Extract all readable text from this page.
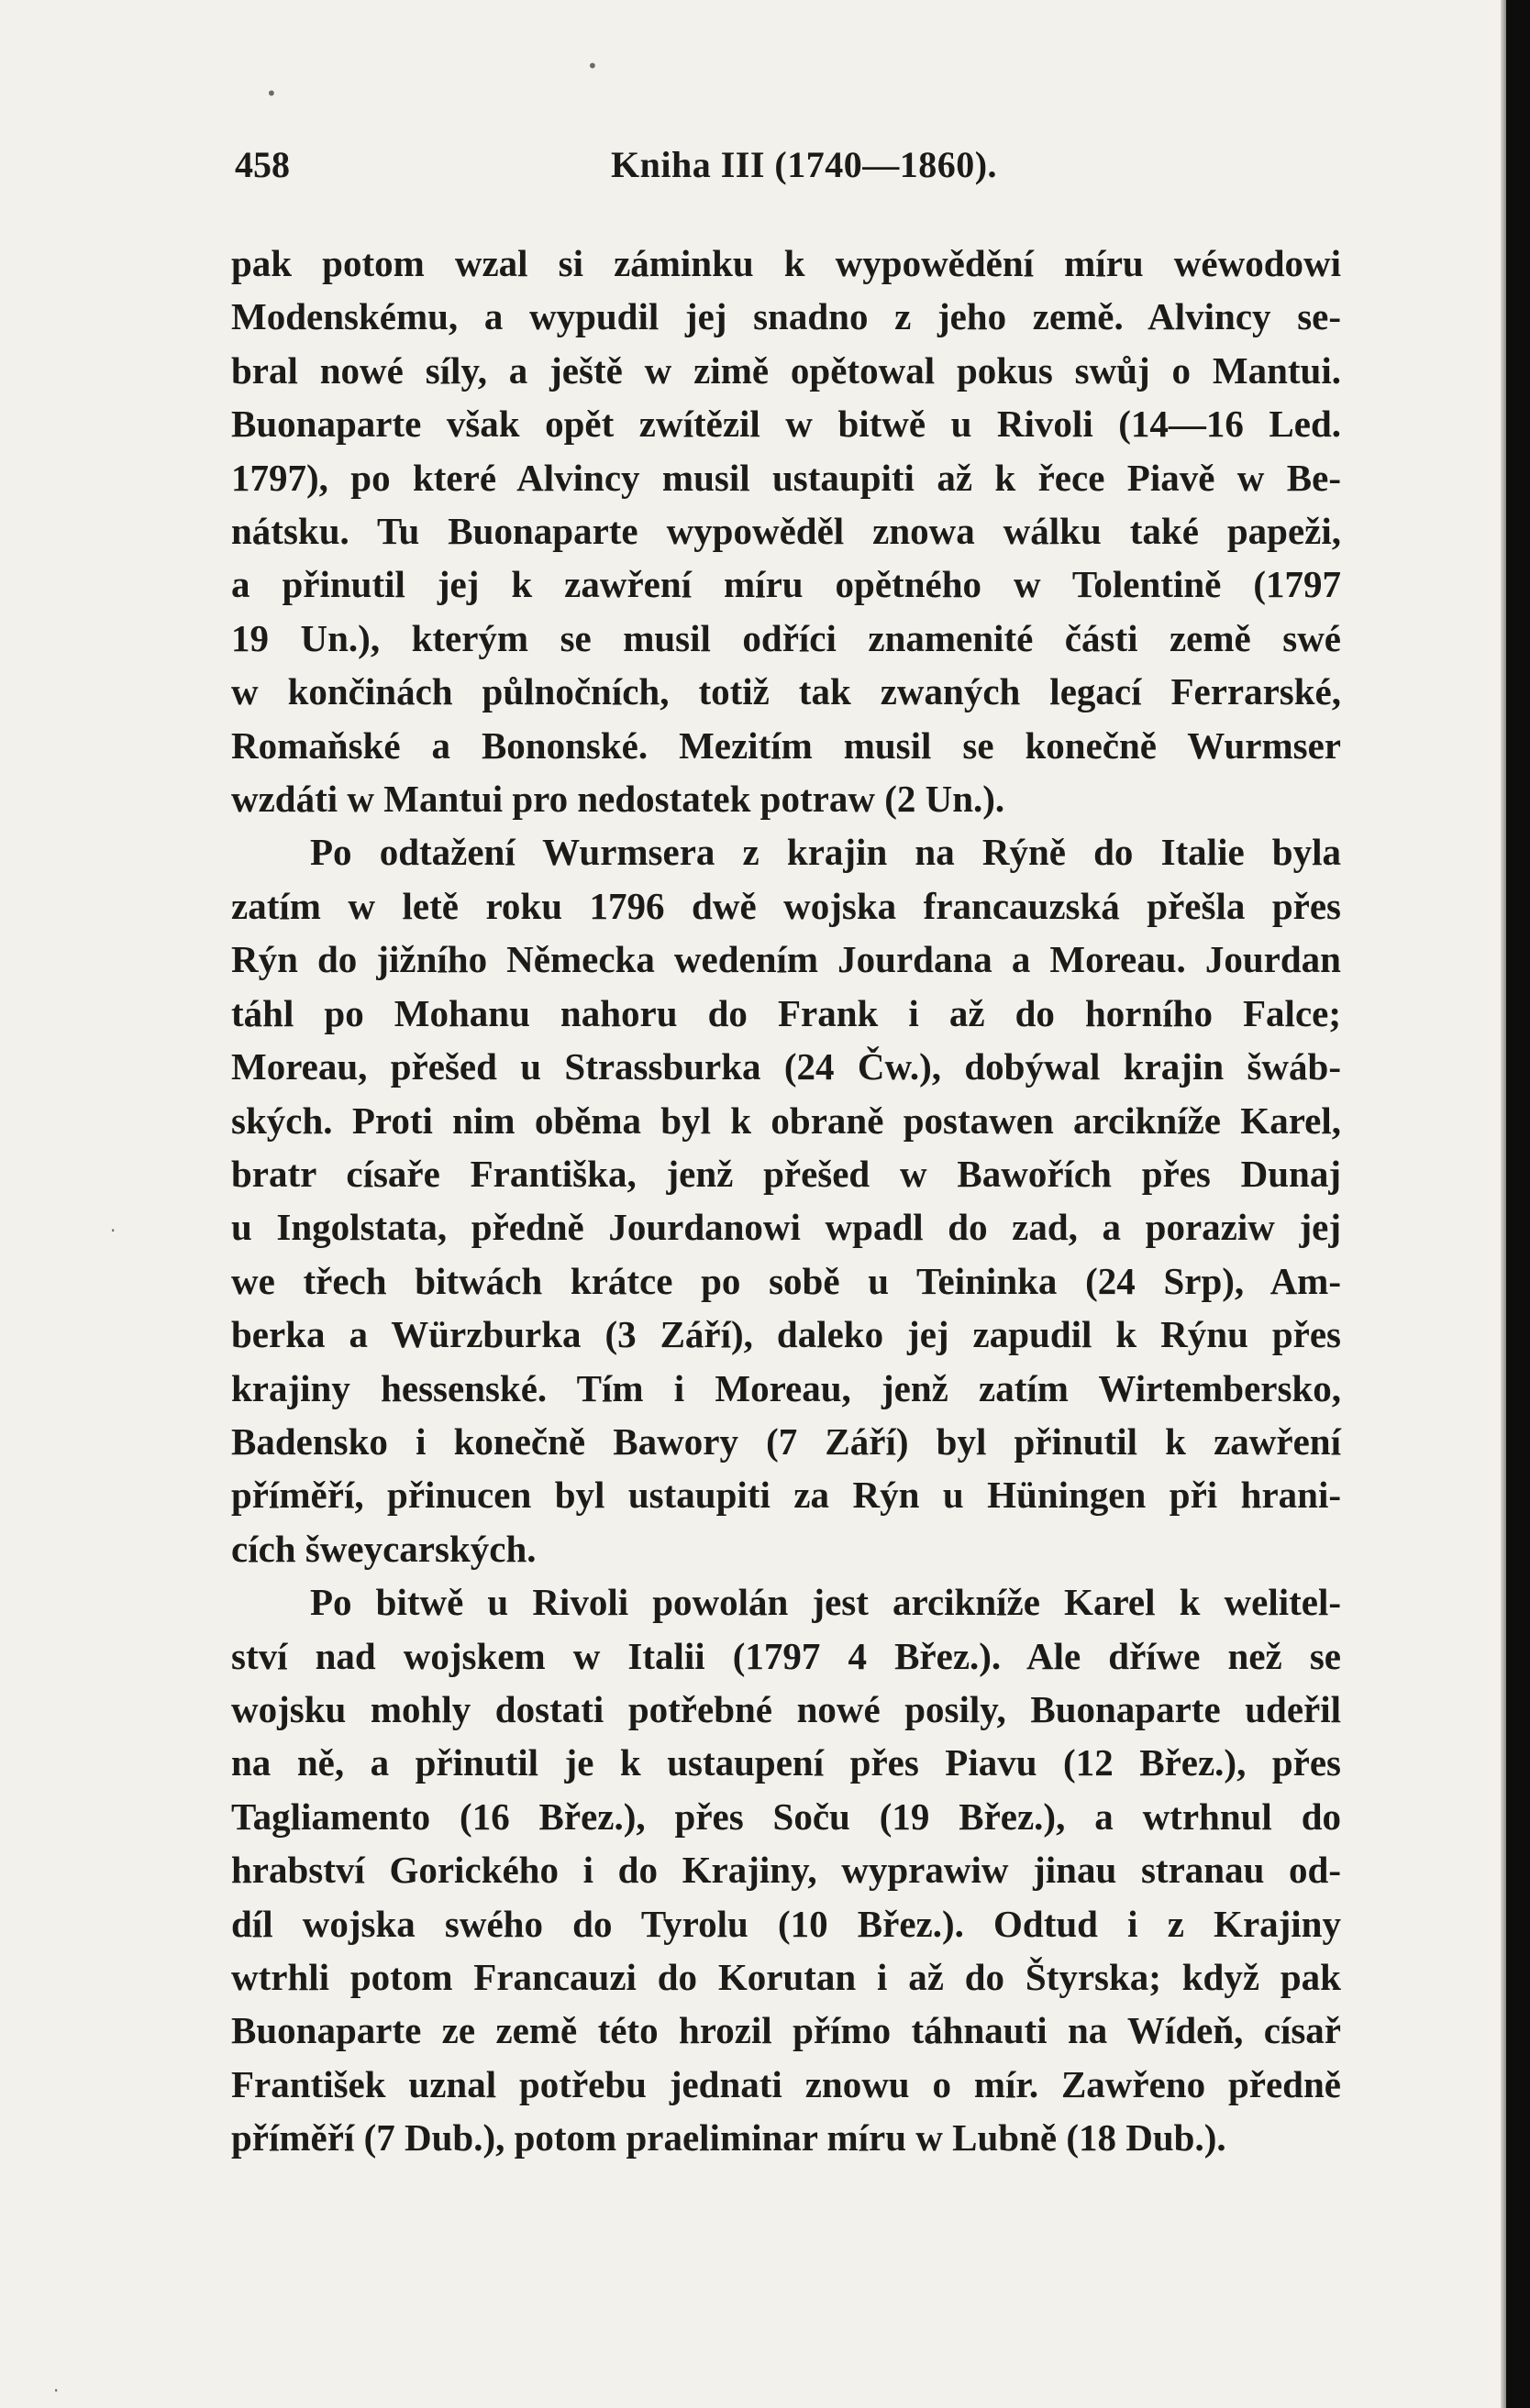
458	Kniha III (1740—1860).
pak potom wzal si záminku k wypowědění míru wéwodowi
Modenskému, a wypudil jej snadno z jeho země. Alvincy se-
bral nowé síly, a ještě w zimě opětowal pokus swůj o Mantui.
Buonaparte však opět zwítězil w bitwě u Rivoli (14—16 Led.
1797), po které Alvincy musil ustaupiti až k řece Piavě w Be-
nátsku. Tu Buonaparte wypowěděl znowa wálku také papeži,
a přinutil jej k zawření míru opětného w Tolentině (1797
19 Un.), kterým se musil odříci znamenité části země swé
w končinách půlnočních, totiž tak zwaných legací Ferrarské,
Romaňské a Bononské. Mezitím musil se konečně Wurmser
wzdáti w Mantui pro nedostatek potraw (2 Un.).
Po odtažení Wurmsera z krajin na Rýně do Italie byla
zatím w letě roku 1796 dwě wojska francauzská přešla přes
Rýn do jižního Německa wedením Jourdana a Moreau. Jourdan
táhl po Mohanu nahoru do Frank i až do horního Falce;
Moreau, přešed u Strassburka (24 Čw.), dobýwal krajin šwáb-
ských. Proti nim oběma byl k obraně postawen arcikníže Karel,
bratr císaře Františka, jenž přešed w Bawořích přes Dunaj
u Ingolstata, předně Jourdanowi wpadl do zad, a poraziw jej
we třech bitwách krátce po sobě u Teininka (24 Srp), Am-
berka a Würzburka (3 Září), daleko jej zapudil k Rýnu přes
krajiny hessenské. Tím i Moreau, jenž zatím Wirtembersko,
Badensko i konečně Bawory (7 Září) byl přinutil k zawření
příměří, přinucen byl ustaupiti za Rýn u Hüningen při hrani-
cích šweycarských.
Po bitwě u Rivoli powolán jest arcikníže Karel k welitel-
ství nad wojskem w Italii (1797 4 Břez.). Ale dříwe než se
wojsku mohly dostati potřebné nowé posily, Buonaparte udeřil
na ně, a přinutil je k ustaupení přes Piavu (12 Břez.), přes
Tagliamento (16 Břez.), přes Soču (19 Břez.), a wtrhnul do
hrabství Gorického i do Krajiny, wyprawiw jinau stranau od-
díl wojska swého do Tyrolu (10 Břez.). Odtud i z Krajiny
wtrhli potom Francauzi do Korutan i až do Štyrska; když pak
Buonaparte ze země této hrozil přímo táhnauti na Wídeň, císař
František uznal potřebu jednati znowu o mír. Zawřeno předně
příměří (7 Dub.), potom praeliminar míru w Lubně (18 Dub.).
•
•
·
·
